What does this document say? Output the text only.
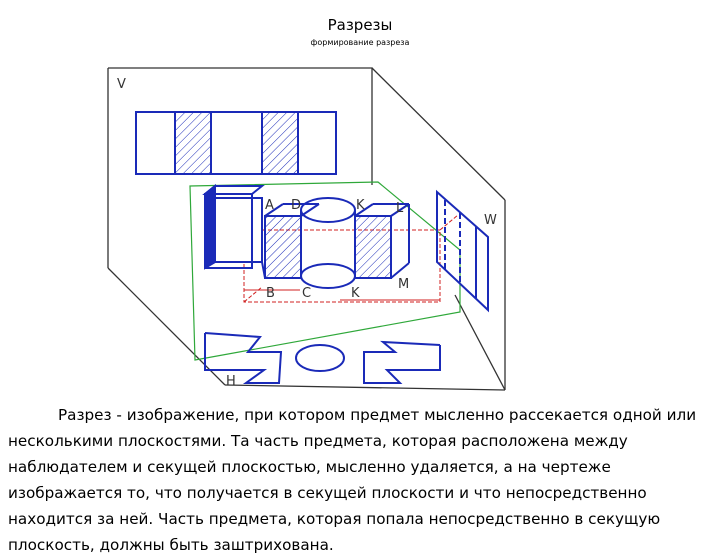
Разрезы
формирование разреза
V
W
H
A D	K L
B C	K
M
Разрез - изображение, при котором предмет мысленно рассекается одной или несколькими плоскостями. Та часть предмета, которая расположена между наблюдателем и секущей плоскостью, мысленно удаляется, а на чертеже изображается то, что получается в секущей плоскости и что непосредственно находится за ней. Часть предмета, которая попала непосредственно в секущую плоскость, должны быть заштрихована.
